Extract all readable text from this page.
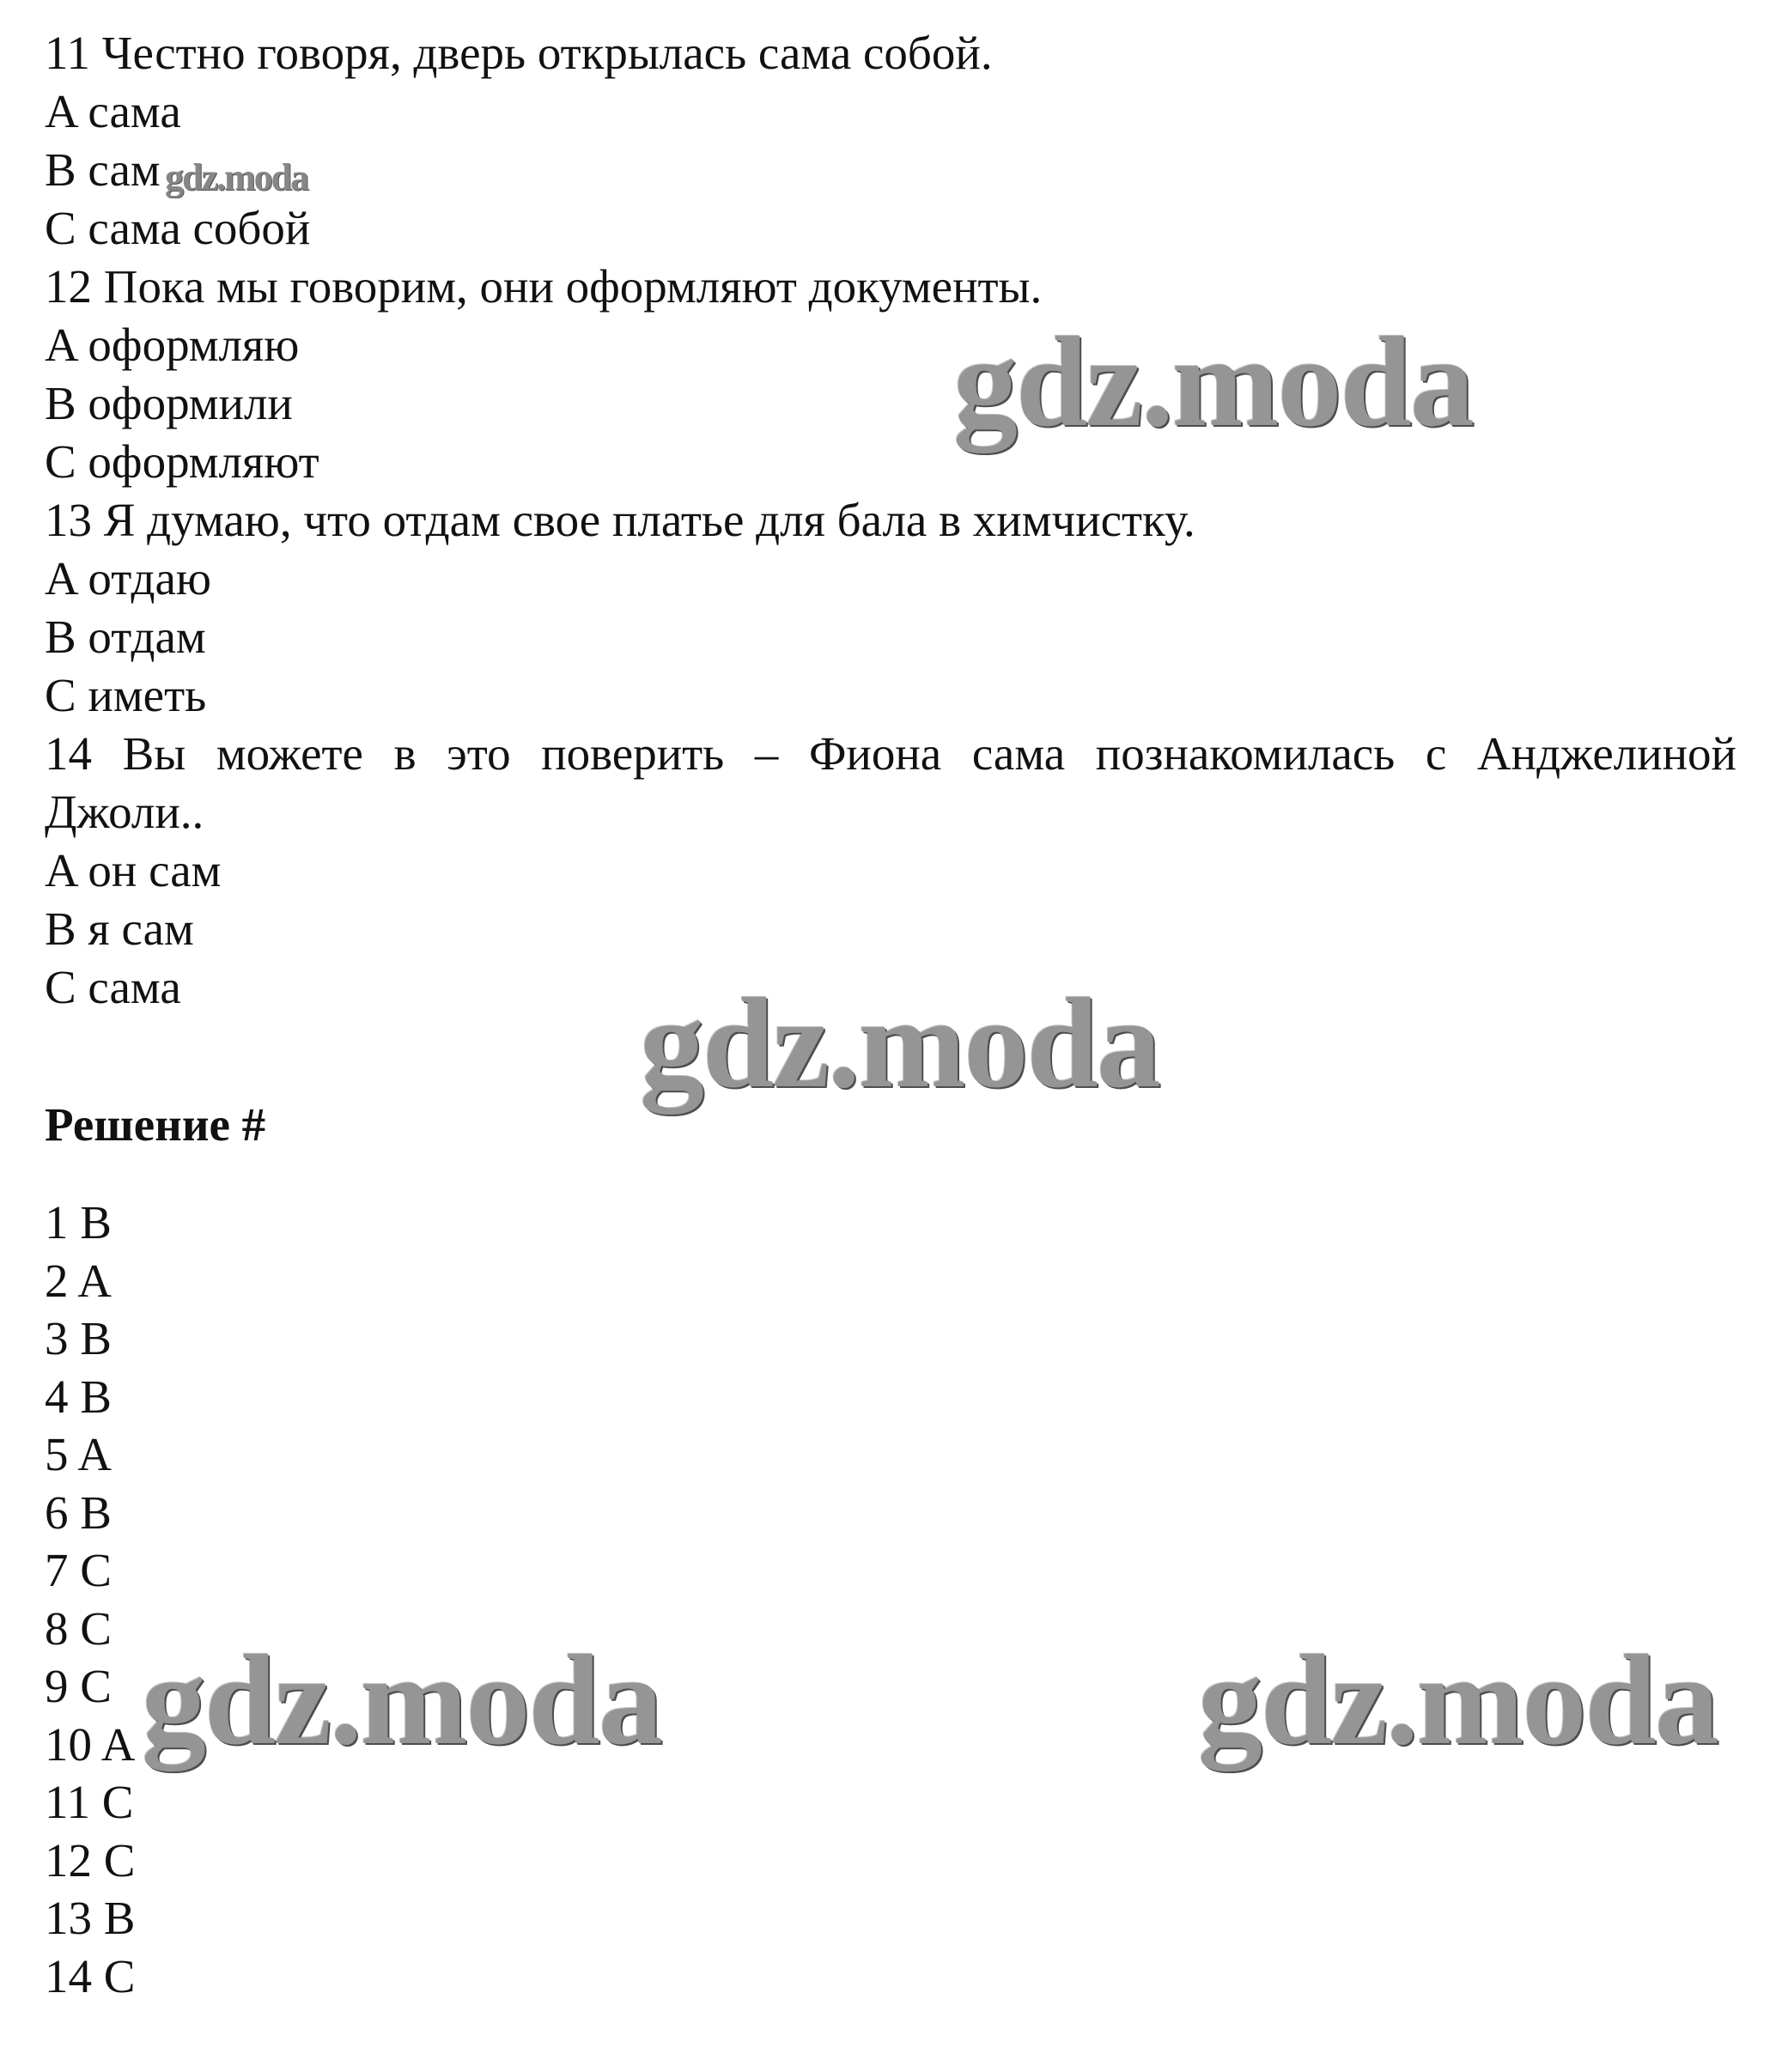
11 Честно говоря, дверь открылась сама собой.
A сама
B сам
C сама собой
12 Пока мы говорим, они оформляют документы.
A оформляю
B оформили
C оформляют
13 Я думаю, что отдам свое платье для бала в химчистку.
A отдаю
B отдам
C иметь
14 Вы можете в это поверить – Фиона сама познакомилась с Анджелиной
Джоли..
A он сам
B я сам
C сама
Решение #
1 B
2 A
3 B
4 B
5 A
6 B
7 C
8 C
9 C
10 A
11 C
12 C
13 B
14 C
gdz.moda
gdz.moda
gdz.moda
gdz.moda	gdz.moda
